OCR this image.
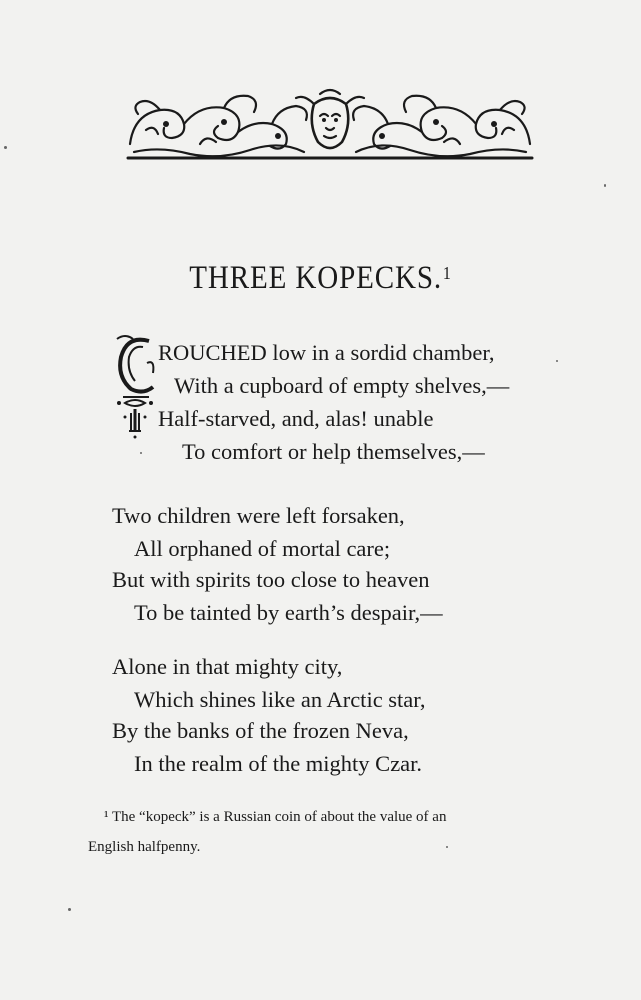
THREE KOPECKS.$^1$
ROUCHED low in a sordid chamber,
With a cupboard of empty shelves,—
Half-starved, and, alas! unable
To comfort or help themselves,—
Two children were left forsaken,
All orphaned of mortal care;
But with spirits too close to heaven
To be tainted by earth’s despair,—
Alone in that mighty city,
Which shines like an Arctic star,
By the banks of the frozen Neva,
In the realm of the mighty Czar.
¹ The “kopeck” is a Russian coin of about the value of an
English halfpenny.
